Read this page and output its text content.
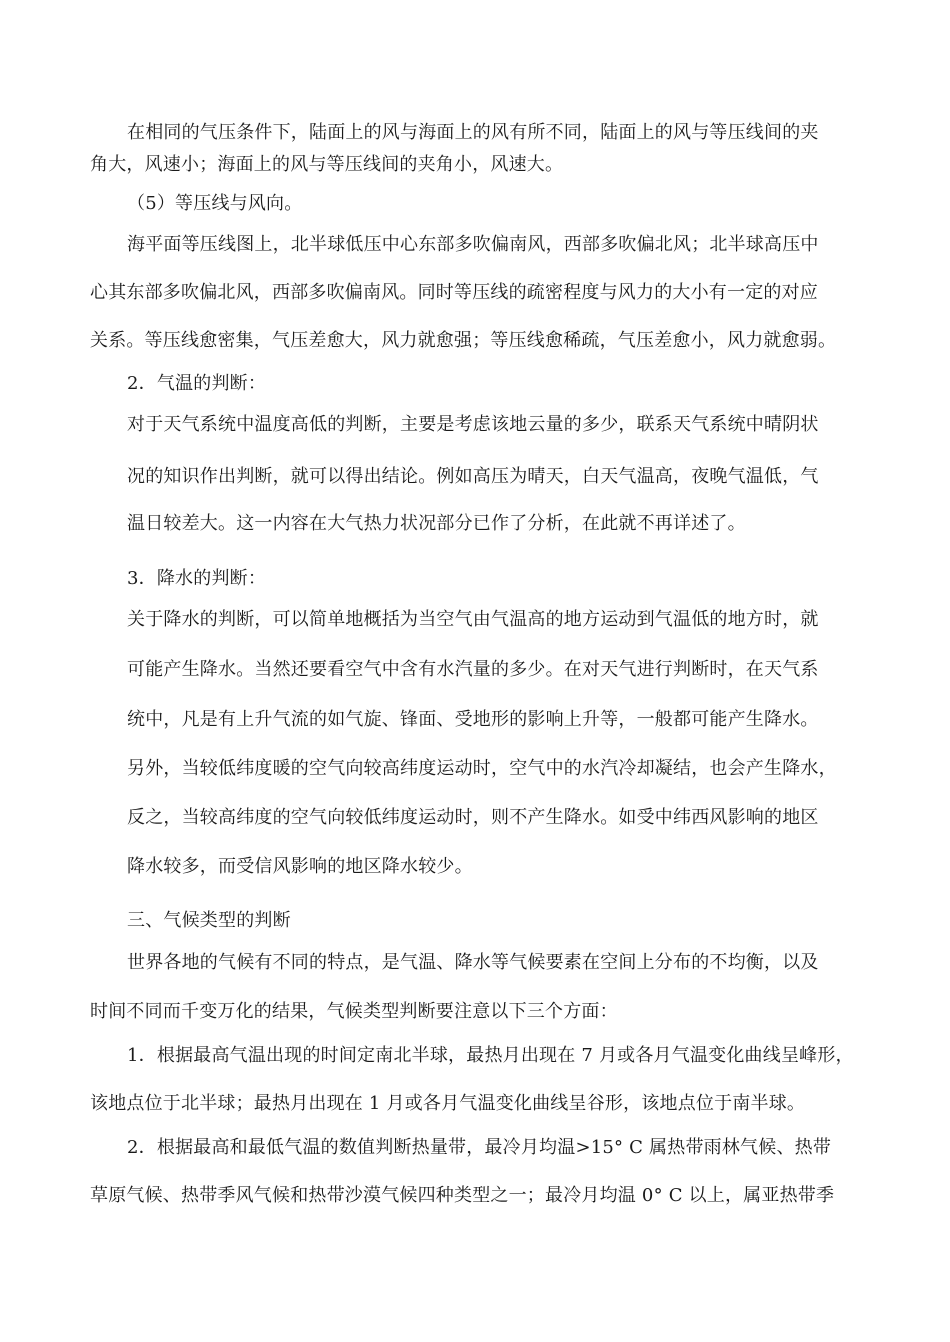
在相同的气压条件下，陆面上的风与海面上的风有所不同，陆面上的风与等压线间的夹
角大，风速小；海面上的风与等压线间的夹角小，风速大。
（5）等压线与风向。
海平面等压线图上，北半球低压中心东部多吹偏南风，西部多吹偏北风；北半球高压中
心其东部多吹偏北风，西部多吹偏南风。同时等压线的疏密程度与风力的大小有一定的对应
关系。等压线愈密集，气压差愈大，风力就愈强；等压线愈稀疏，气压差愈小，风力就愈弱。
2．气温的判断：
对于天气系统中温度高低的判断，主要是考虑该地云量的多少，联系天气系统中晴阴状
况的知识作出判断，就可以得出结论。例如高压为晴天，白天气温高，夜晚气温低，气
温日较差大。这一内容在大气热力状况部分已作了分析，在此就不再详述了。
3．降水的判断：
关于降水的判断，可以简单地概括为当空气由气温高的地方运动到气温低的地方时，就
可能产生降水。当然还要看空气中含有水汽量的多少。在对天气进行判断时，在天气系
统中，凡是有上升气流的如气旋、锋面、受地形的影响上升等，一般都可能产生降水。
另外，当较低纬度暖的空气向较高纬度运动时，空气中的水汽冷却凝结，也会产生降水，
反之，当较高纬度的空气向较低纬度运动时，则不产生降水。如受中纬西风影响的地区
降水较多，而受信风影响的地区降水较少。
三、气候类型的判断
世界各地的气候有不同的特点，是气温、降水等气候要素在空间上分布的不均衡，以及
时间不同而千变万化的结果，气候类型判断要注意以下三个方面：
1．根据最高气温出现的时间定南北半球，最热月出现在 7 月或各月气温变化曲线呈峰形，
该地点位于北半球；最热月出现在 1 月或各月气温变化曲线呈谷形，该地点位于南半球。
2．根据最高和最低气温的数值判断热量带，最冷月均温>15° C 属热带雨林气候、热带
草原气候、热带季风气候和热带沙漠气候四种类型之一；最冷月均温 0° C 以上，属亚热带季
